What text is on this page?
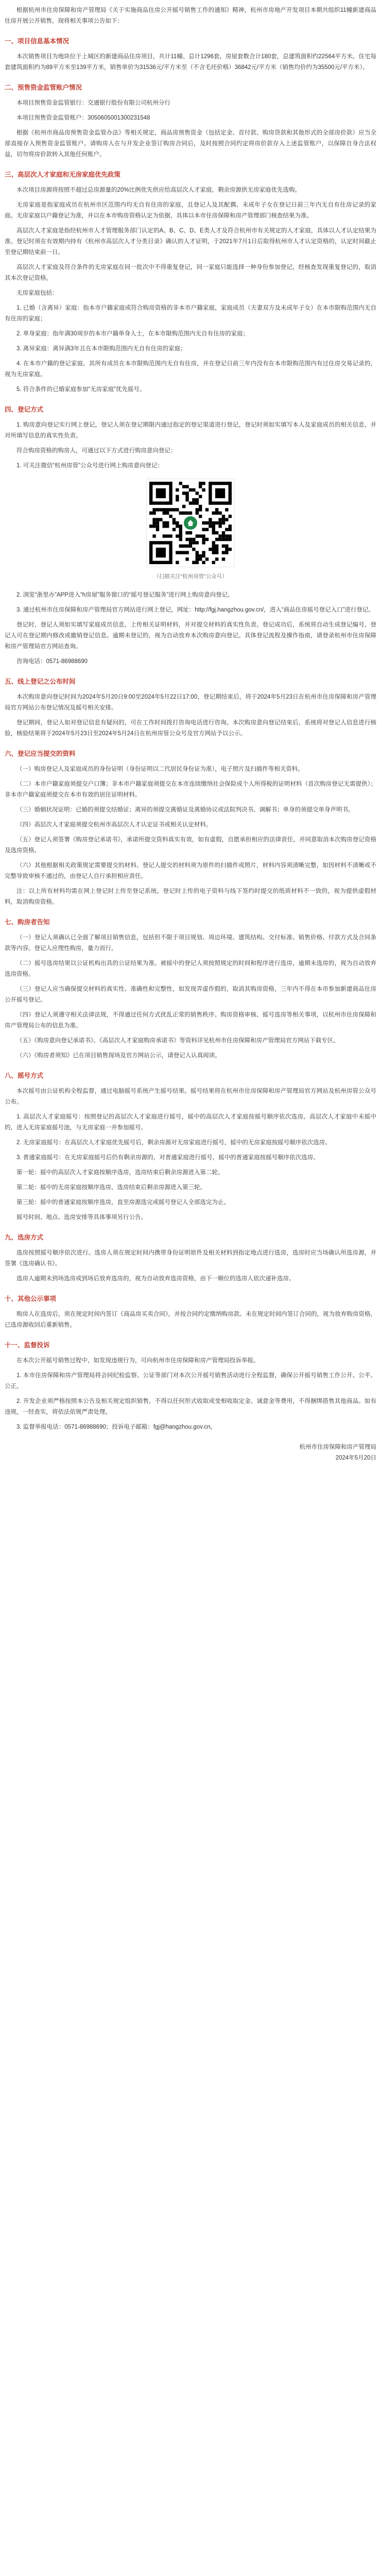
根据杭州市住房保障和房产管理局《关于实施商品住房公开摇号销售工作的通知》精神，杭州市房地产开发项目本期共组织11幢新建商品住房开展公开销售，现将相关事项公告如下：

一、项目信息基本情况

本次销售项目为地块位于上城区的新建商品住房项目，共计11幢、总计1296套，房屋套数合计180套，总建筑面积约22564平方米。住宅每套建筑面积约为89平方米至139平方米，销售单价为31536元/平方米至（不含毛坯价格）36842元/平方米（销售均价约为35500元/平方米）。

二、预售资金监管账户情况

本项目预售资金监管银行：交通银行股份有限公司杭州分行

本项目预售资金监管账户：3050605001300231548

根据《杭州市商品房预售资金监管办法》等相关规定，商品房预售资金（包括定金、首付款、购房贷款和其他形式的全部房价款）应当全部直接存入预售资金监管账户。请购房人在与开发企业签订购房合同后，及时按照合同约定将房价款存入上述监管账户，以保障自身合法权益，切勿将房价款转入其他任何账户。

三、高层次人才家庭和无房家庭优先政策

本次项目房源将按照不超过总房源量的20%比例优先供应给高层次人才家庭，剩余房源供无房家庭优先选购。

无房家庭是指家庭成员在杭州市区范围内均无自有住房的家庭，且登记人及其配偶、未成年子女在登记日前三年内无自有住房记录的家庭。无房家庭以户籍登记为准，并以在本市购房资格认定为依据，具体以本市住房保障和房产管理部门核查结果为准。

高层次人才家庭是指经杭州市人才管理服务部门认定的A、B、C、D、E类人才及符合杭州市有关规定的人才家庭，具体以人才认定结果为准。登记时须在有效期内持有《杭州市高层次人才分类目录》确认的人才证明，于2021年7月1日后取得杭州市人才认定资格的，认定时间截止至登记期结束前一日。

高层次人才家庭及符合条件的无房家庭在同一批次中不得重复登记，同一家庭只能选择一种身份参加登记，经核查发现重复登记的，取消其本次登记资格。

无房家庭包括：

1. 已婚（含离异）家庭：指本市户籍家庭或符合购房资格的非本市户籍家庭，家庭成员（夫妻双方及未成年子女）在本市限购范围内无自有住房的家庭；

2. 单身家庭：指年满30周岁的本市户籍单身人士，在本市限购范围内无自有住房的家庭；

3. 离异家庭：离异满3年且在本市限购范围内无自有住房的家庭；

4. 在本市户籍的登记家庭，其所有成员在本市限购范围内无自有住房，并在登记日前三年内没有在本市限购范围内有过住房交易记录的，视为无房家庭。

5. 符合条件的已婚家庭参加“无房家庭”优先摇号。

四、登记方式

1. 购房意向登记实行网上登记，登记人须在登记期限内通过指定的登记渠道进行登记，登记时须如实填写本人及家庭成员的相关信息，并对所填写信息的真实性负责。

符合购房资格的购房人，可通过以下方式进行购房意向登记：

1. 可关注微信“杭州房管”公众号进行网上购房意向登记：

（扫描关注“杭州房管”公众号）

2. 浏览“浙里办”APP进入“h房屋”服务窗口的“摇号登记服务”进行网上购房意向登记。

3. 通过杭州市住房保障和房产管理局官方网站进行网上登记，网址：http://fgj.hangzhou.gov.cn/，进入“商品住房摇号登记入口”进行登记。

登记时，登记人须如实填写家庭成员信息，上传相关证明材料，并对提交材料的真实性负责。登记成功后，系统将自动生成登记编号，登记人可在登记期内修改或撤销登记信息。逾期未登记的，视为自动放弃本次购房意向登记。具体登记流程及操作指南，请登录杭州市住房保障和房产管理局官方网站查询。

咨询电话：0571-86988690

五、线上登记之公布时间

本次购房意向登记时间为2024年5月20日9:00至2024年5月22日17:00，登记期结束后，将于2024年5月23日在杭州市住房保障和房产管理局官方网站公布登记情况及摇号相关安排。

登记期间，登记人如对登记信息有疑问的，可在工作时间拨打咨询电话进行咨询。本次购房意向登记结束后，系统将对登记人信息进行核验，核验结果将于2024年5月23日至2024年5月24日在杭州房管公众号及官方网站予以公示。

六、登记应当提交的资料

（一）购房登记人及家庭成员的身份证明（身份证明以二代居民身份证为准），电子照片及扫描件等相关资料。

（二）本市户籍家庭须提交户口簿；非本市户籍家庭须提交在本市连续缴纳社会保险或个人所得税的证明材料（首次购房登记无需提供）；非本市户籍家庭须提交在本市有效的居住证明材料。

（三）婚姻状况证明：已婚的须提交结婚证；离异的须提交离婚证及离婚协议或法院判决书、调解书；单身的须提交单身声明书。

（四）高层次人才家庭须提交杭州市高层次人才认定证书或相关认定材料。

（五）登记人须签署《购房登记承诺书》，承诺所提交资料真实有效，如有虚假，自愿承担相应的法律责任，并同意取消本次购房登记资格及选房资格。

（六）其他根据相关政策规定需要提交的材料。登记人提交的材料须为原件的扫描件或照片，材料内容须清晰完整，如因材料不清晰或不完整导致审核不通过的，由登记人自行承担相应责任。

注：以上所有材料均需在网上登记时上传至登记系统。登记时上传的电子资料与线下签约时提交的纸质材料不一致的，视为提供虚假材料，取消购房资格。

七、购房者告知

（一）登记人须确认已全面了解项目销售信息，包括但不限于项目规划、周边环境、建筑结构、交付标准、销售价格、付款方式及合同条款等内容。登记人应理性购房，量力而行。

（二）摇号选房结果以公证机构出具的公证结果为准。被摇中的登记人须按照规定的时间和程序进行选房，逾期未选房的，视为自动放弃选房资格。

（三）登记人应当确保提交材料的真实性、准确性和完整性，如发现弄虚作假的，取消其购房资格，三年内不得在本市参加新建商品住房公开摇号登记。

（四）登记人须遵守相关法律法规，不得通过任何方式扰乱正常的销售秩序。购房资格审核、摇号选房等相关事项，以杭州市住房保障和房产管理局公布的信息为准。

（五）《购房意向登记承诺书》、《高层次人才家庭购房承诺书》等资料详见杭州市住房保障和房产管理局官方网站下载专区。

（六）《购房者须知》已在项目销售现场及官方网站公示，请登记人认真阅读。

八、摇号方式

本次摇号由公证机构全程监督，通过电脑摇号系统产生摇号结果。摇号结果将在杭州市住房保障和房产管理局官方网站及杭州房管公众号公布。

1. 高层次人才家庭摇号：按照登记的高层次人才家庭进行摇号，摇中的高层次人才家庭按摇号顺序依次选房。高层次人才家庭中未摇中的，进入无房家庭摇号池，与无房家庭一并参加摇号。

2. 无房家庭摇号：在高层次人才家庭优先摇号后，剩余房源对无房家庭进行摇号，摇中的无房家庭按摇号顺序依次选房。

3. 普通家庭摇号：在无房家庭摇号后仍有剩余房源的，对普通家庭进行摇号，摇中的普通家庭按摇号顺序依次选房。

第一轮：摇中的高层次人才家庭按顺序选房，选房结束后剩余房源进入第二轮。

第二轮：摇中的无房家庭按顺序选房，选房结束后剩余房源进入第三轮。

第三轮：摇中的普通家庭按顺序选房，直至房源选完或摇号登记人全部选完为止。

摇号时间、地点、选房安排等具体事项另行公告。

九、选房方式

选房按照摇号顺序依次进行。选房人须在规定时间内携带身份证明原件及相关材料到指定地点进行选房，选房时应当场确认所选房源，并签署《选房确认书》。

选房人逾期未到场选房或到场后放弃选房的，视为自动放弃选房资格，由下一顺位的选房人依次递补选房。

十、其他公示事项

购房人在选房后，须在规定时间内签订《商品房买卖合同》，并按合同约定缴纳购房款。未在规定时间内签订合同的，视为放弃购房资格，已选房源收回后重新销售。

十一、监督投诉

在本次公开摇号销售过程中，如发现违规行为，可向杭州市住房保障和房产管理局投诉举报。

1. 本市住房保障和房产管理局将会同纪检监察、公证等部门对本次公开摇号销售活动进行全程监督，确保公开摇号销售工作公开、公平、公正。

2. 开发企业须严格按照本公告及相关规定组织销售，不得以任何形式收取或变相收取定金、诚意金等费用，不得捆绑搭售其他商品。如有违规，一经查实，将依法依规严肃处理。

3. 监督举报电话：0571-86988690；投诉电子邮箱：fgj@hangzhou.gov.cn。

杭州市住房保障和房产管理局
2024年5月20日
